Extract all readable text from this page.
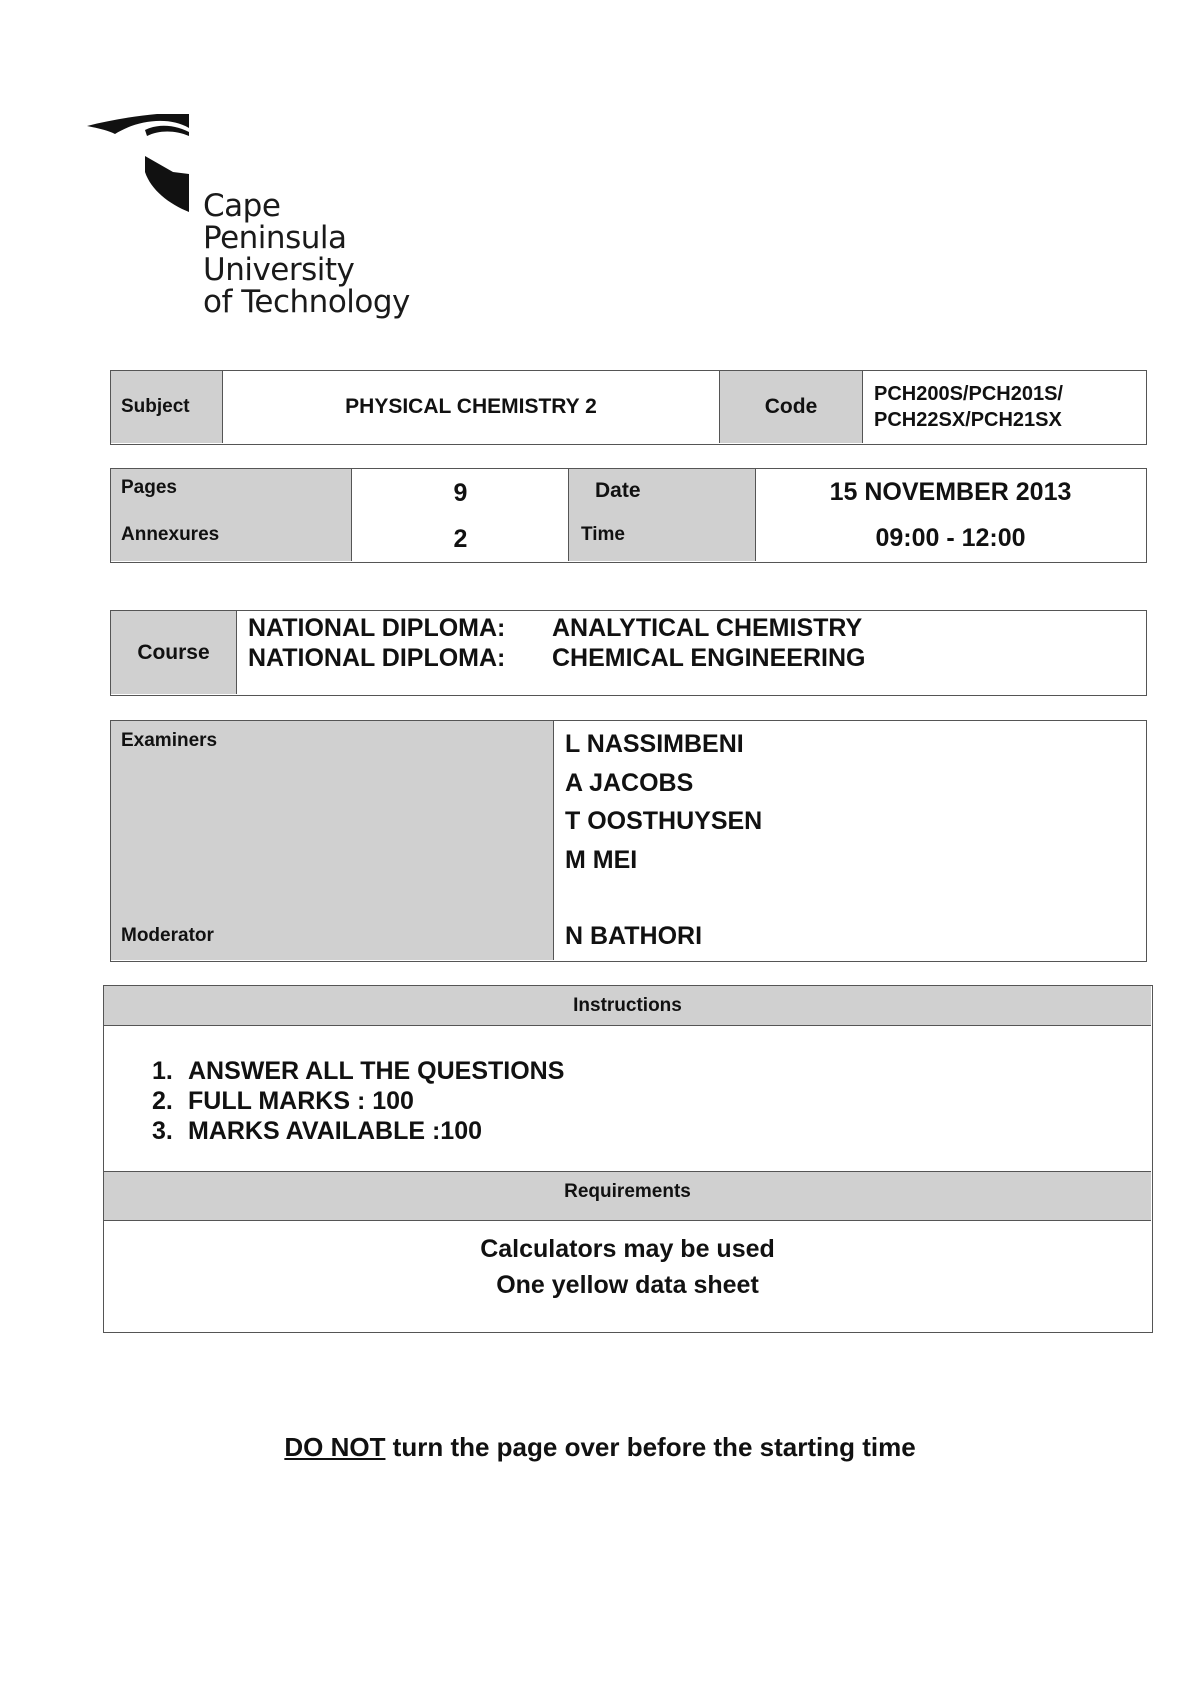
Cape
Peninsula
University
of Technology
Subject	PHYSICAL CHEMISTRY 2	Code
PCH200S/PCH201S/
PCH22SX/PCH21SX
Pages
Annexures
9
2
Date
Time
15 NOVEMBER 2013
09:00 - 12:00
Course
NATIONAL DIPLOMA: ANALYTICAL CHEMISTRY
NATIONAL DIPLOMA: CHEMICAL ENGINEERING
Examiners
Moderator
L NASSIMBENI
A JACOBS
T OOSTHUYSEN
M MEI
N BATHORI
Instructions
1. ANSWER ALL THE QUESTIONS
2. FULL MARKS : 100
3. MARKS AVAILABLE :100
Requirements
Calculators may be used
One yellow data sheet
DO NOT turn the page over before the starting time
